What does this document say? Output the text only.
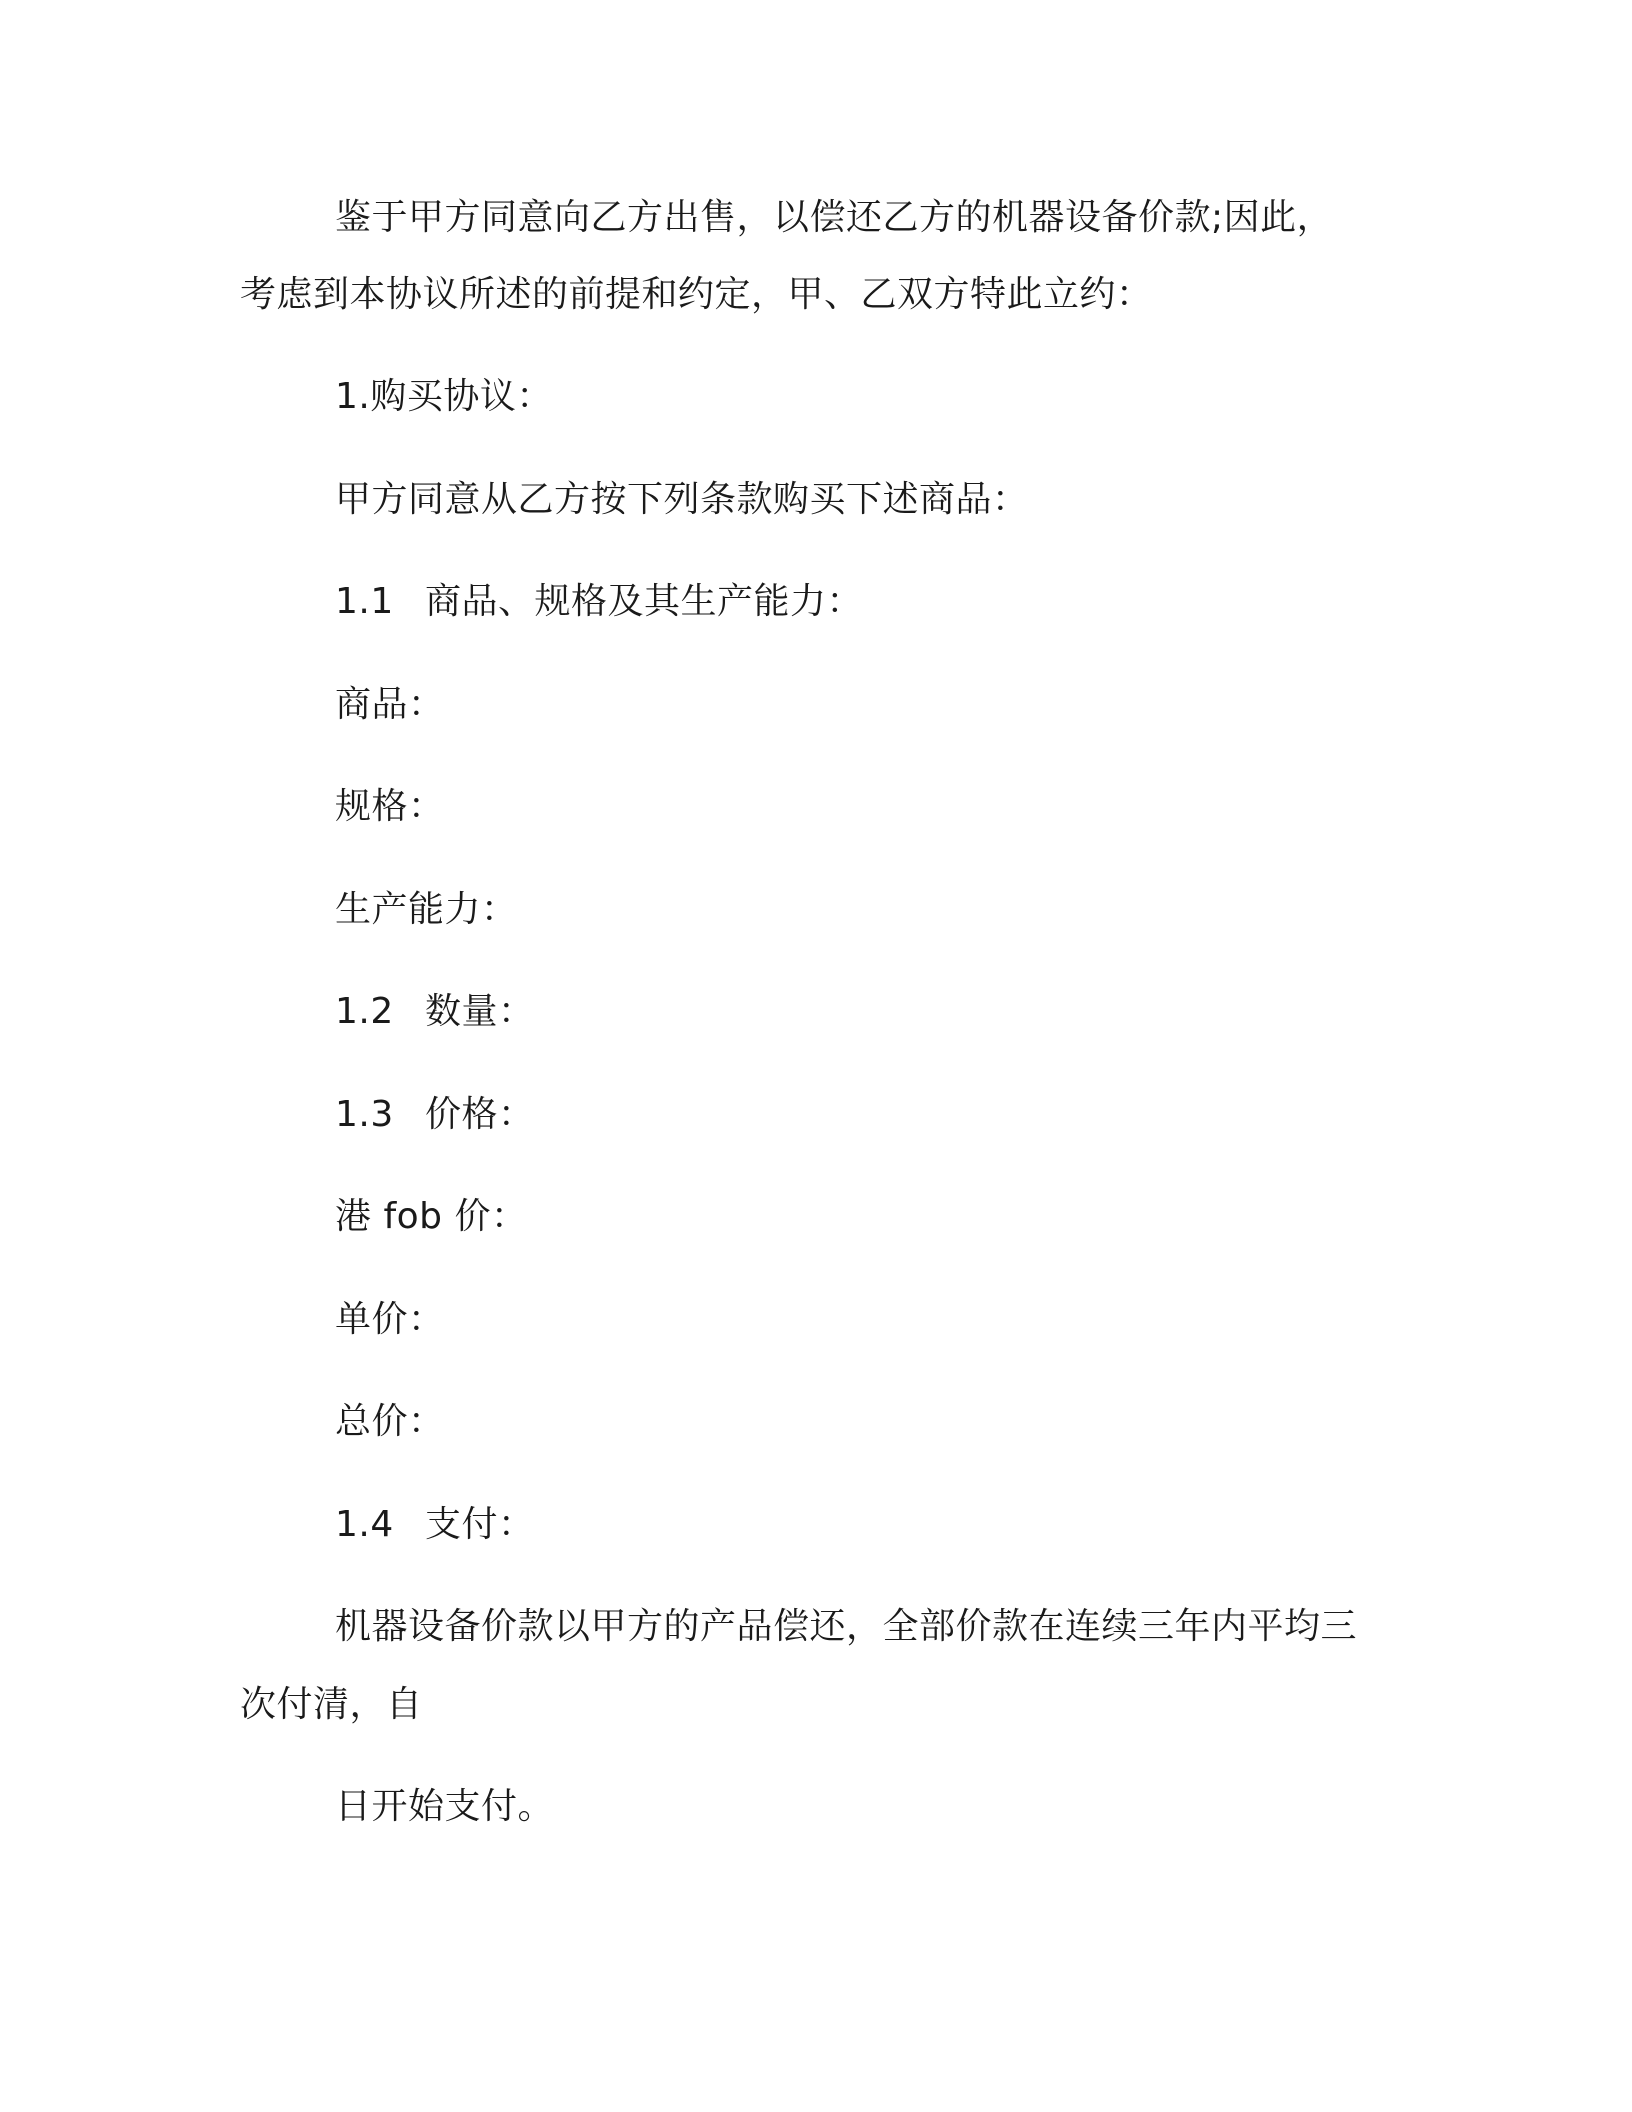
鉴于甲方同意向乙方出售，以偿还乙方的机器设备价款;因此，
考虑到本协议所述的前提和约定，甲、乙双方特此立约：
1.购买协议：
甲方同意从乙方按下列条款购买下述商品：
1.1 商品、规格及其生产能力：
商品：
规格：
生产能力：
1.2 数量：
1.3 价格：
港 fob 价：
单价：
总价：
1.4 支付：
机器设备价款以甲方的产品偿还，全部价款在连续三年内平均三
次付清，自
日开始支付。
